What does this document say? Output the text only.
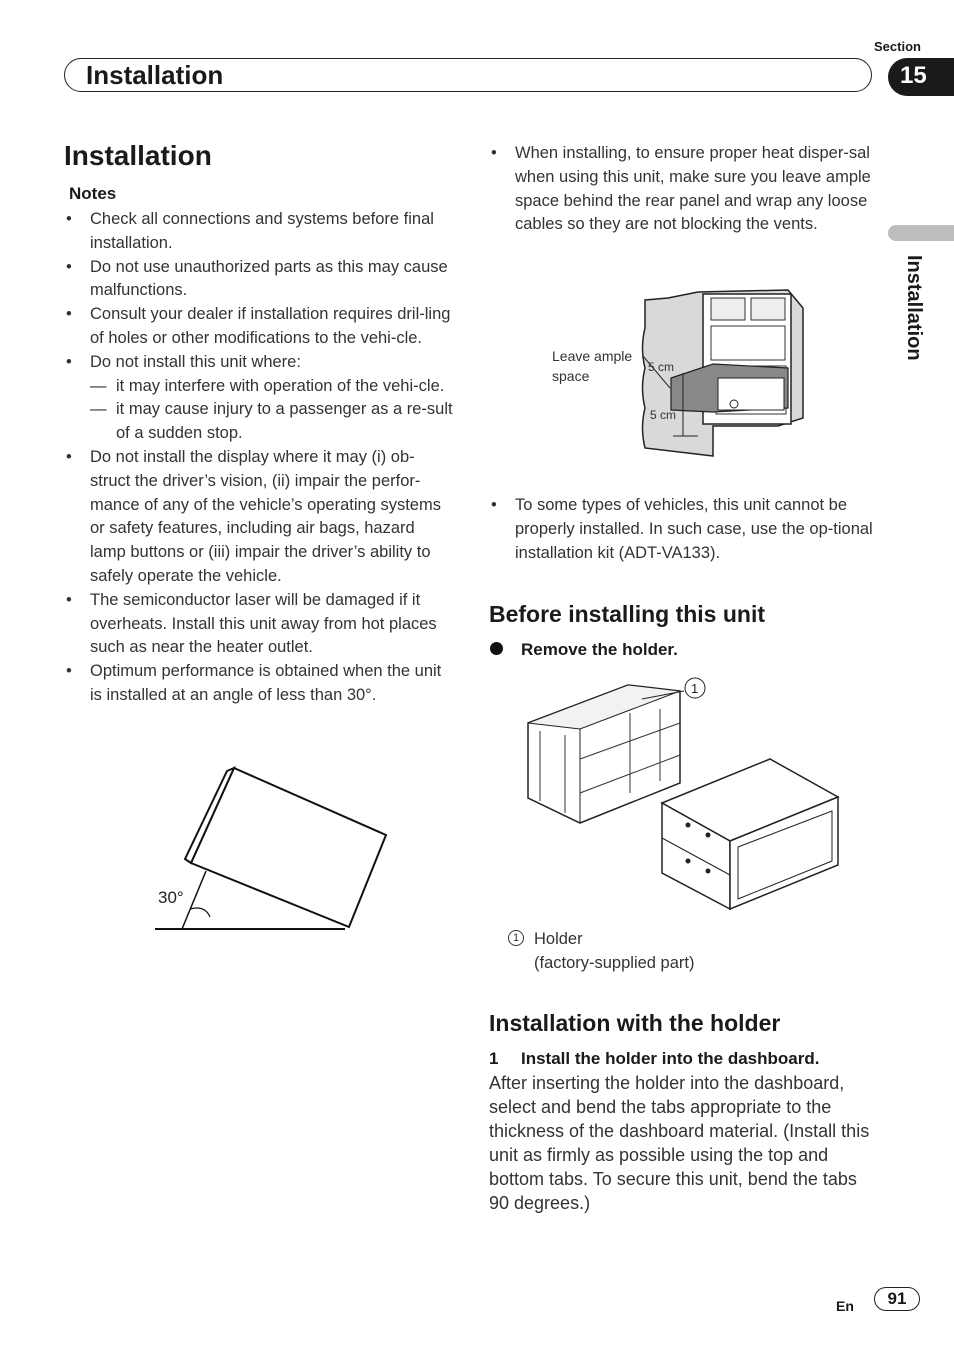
Installation
Section
15
Installation
Installation
Notes
• Check all connections and systems before final installation.
• Do not use unauthorized parts as this may cause malfunctions.
• Consult your dealer if installation requires dril-ling of holes or other modifications to the vehi-cle.
• Do not install this unit where:
— it may interfere with operation of the vehi-cle.
— it may cause injury to a passenger as a re-sult of a sudden stop.
• Do not install the display where it may (i) ob-struct the driver’s vision, (ii) impair the perfor-mance of any of the vehicle’s operating systems or safety features, including air bags, hazard lamp buttons or (iii) impair the driver’s ability to safely operate the vehicle.
• The semiconductor laser will be damaged if it overheats. Install this unit away from hot places such as near the heater outlet.
• Optimum performance is obtained when the unit is installed at an angle of less than 30°.
30°
• When installing, to ensure proper heat disper-sal when using this unit, make sure you leave ample space behind the rear panel and wrap any loose cables so they are not blocking the vents.
5 cm
5 cm
Leave ample space
• To some types of vehicles, this unit cannot be properly installed. In such case, use the op-tional installation kit (ADT-VA133).
Before installing this unit
Remove the holder.
1
1 Holder
(factory-supplied part)
Installation with the holder
1 Install the holder into the dashboard.
After inserting the holder into the dashboard, select and bend the tabs appropriate to the thickness of the dashboard material. (Install this unit as firmly as possible using the top and bottom tabs. To secure this unit, bend the tabs 90 degrees.)
En	91
